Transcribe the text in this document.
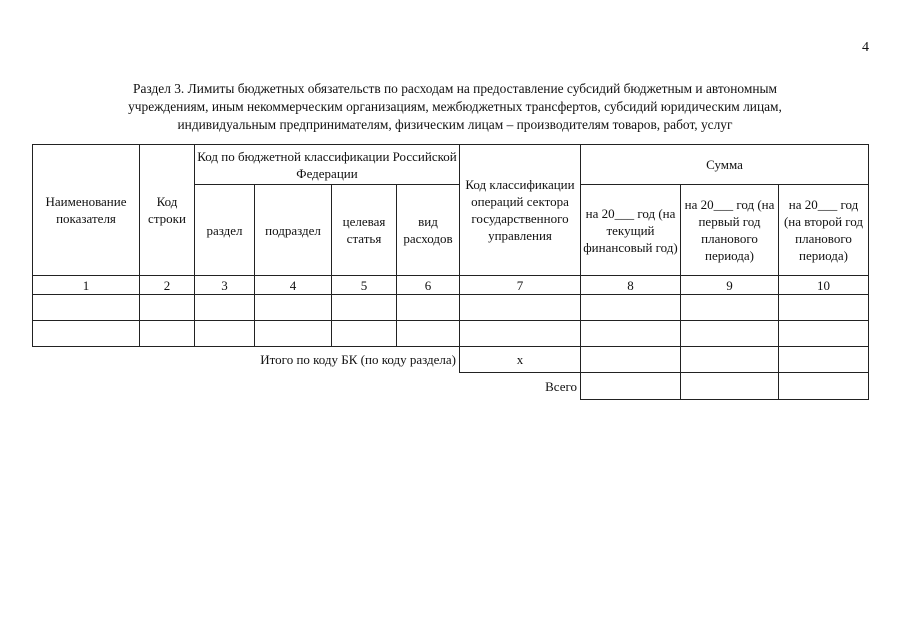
4
Раздел 3. Лимиты бюджетных обязательств по расходам на предоставление субсидий бюджетным и автономным
учреждениям, иным некоммерческим организациям, межбюджетных трансфертов, субсидий юридическим лицам,
индивидуальным предпринимателям, физическим лицам – производителям товаров, работ, услуг
Наименование показателя	Код строки	Код по бюджетной классификации Российской Федерации				Код классификации операций сектора государственного управления	Сумма		
		раздел	подраздел	целевая статья	вид расходов		на 20___ год (на текущий финансовый год)	на 20___ год (на первый год планового периода)	на 20___ год (на второй год планового периода)
1	2	3	4	5	6	7	8	9	10

Итого по коду БК (по коду раздела)						x			
Всего									
